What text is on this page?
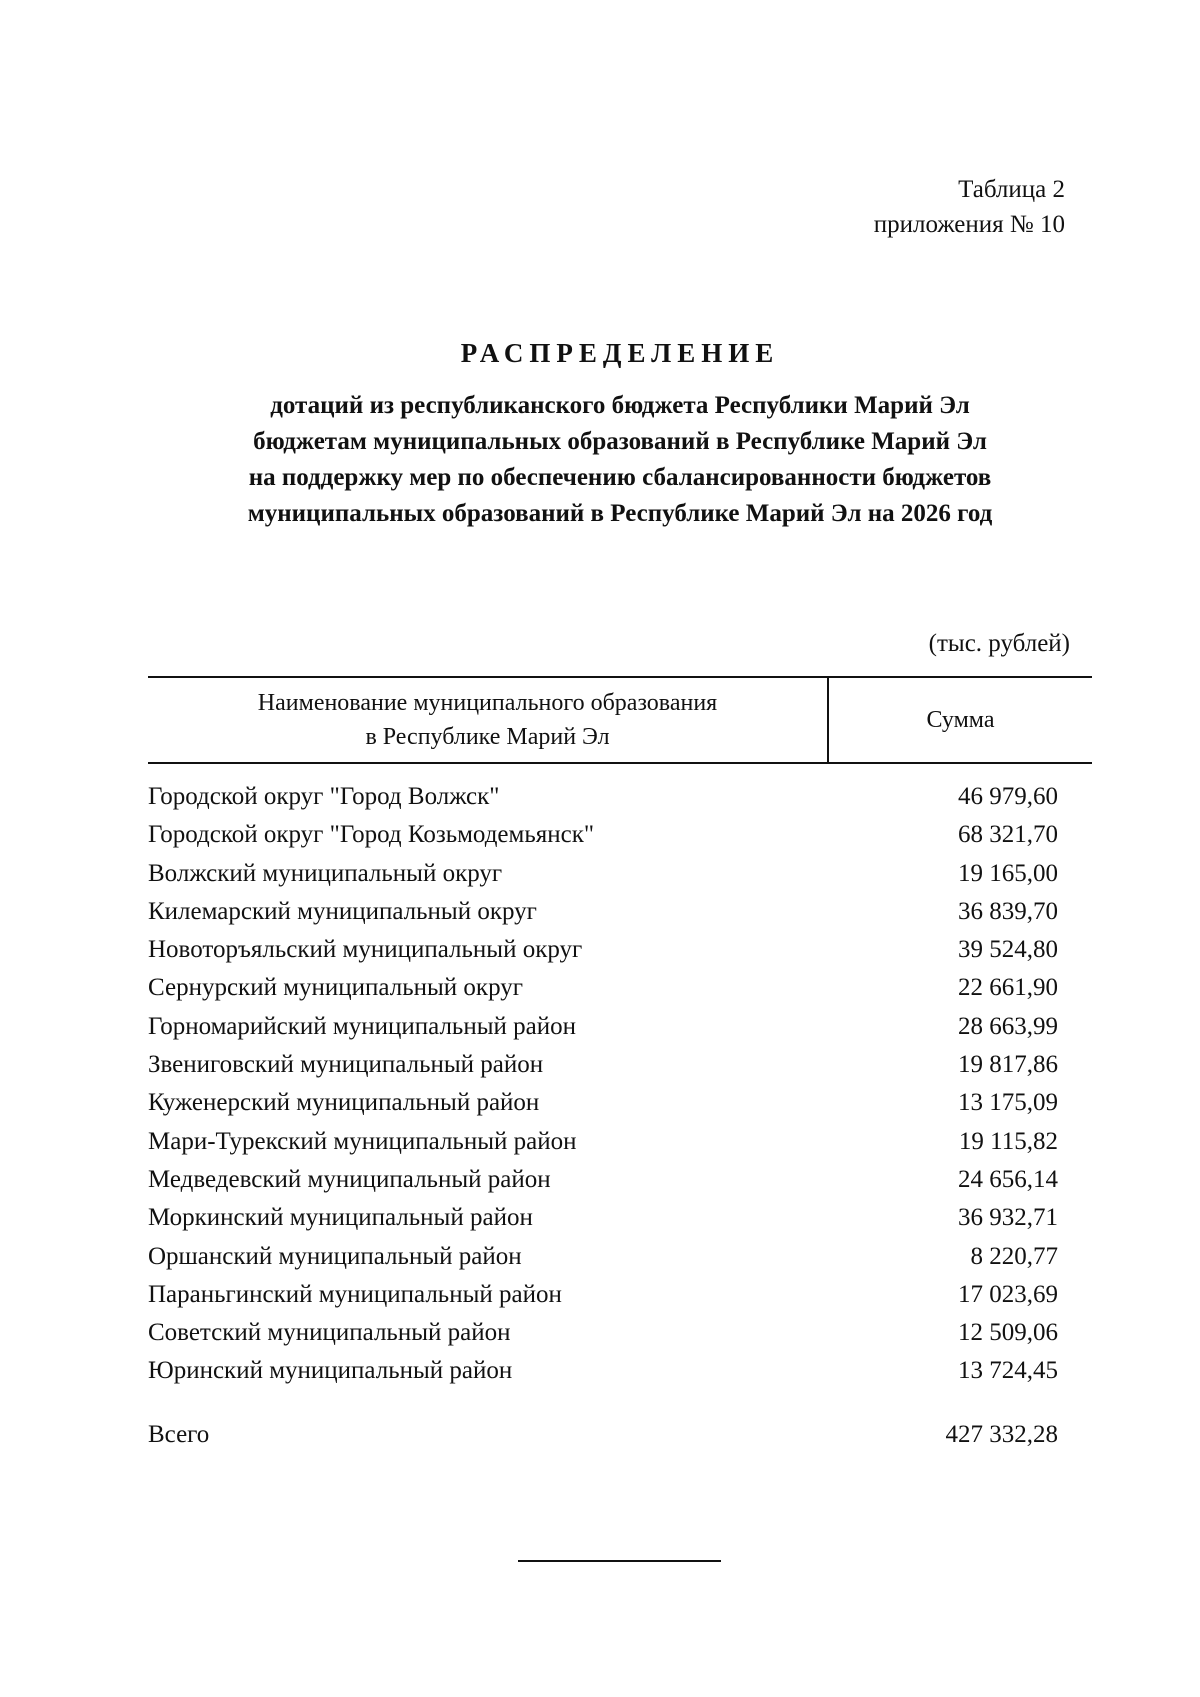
Таблица 2
приложения № 10
РАСПРЕДЕЛЕНИЕ
дотаций из республиканского бюджета Республики Марий Эл
бюджетам муниципальных образований в Республике Марий Эл
на поддержку мер по обеспечению сбалансированности бюджетов
муниципальных образований в Республике Марий Эл на 2026 год
(тыс. рублей)
Наименование муниципального образования
в Республике Марий Эл
Сумма
Городской округ "Город Волжск"	46 979,60
Городской округ "Город Козьмодемьянск"	68 321,70
Волжский муниципальный округ	19 165,00
Килемарский муниципальный округ	36 839,70
Новоторъяльский муниципальный округ	39 524,80
Сернурский муниципальный округ	22 661,90
Горномарийский муниципальный район	28 663,99
Звениговский муниципальный район	19 817,86
Куженерский муниципальный район	13 175,09
Мари-Турекский муниципальный район	19 115,82
Медведевский муниципальный район	24 656,14
Моркинский муниципальный район	36 932,71
Оршанский муниципальный район	8 220,77
Параньгинский муниципальный район	17 023,69
Советский муниципальный район	12 509,06
Юринский муниципальный район	13 724,45
Всего	427 332,28
